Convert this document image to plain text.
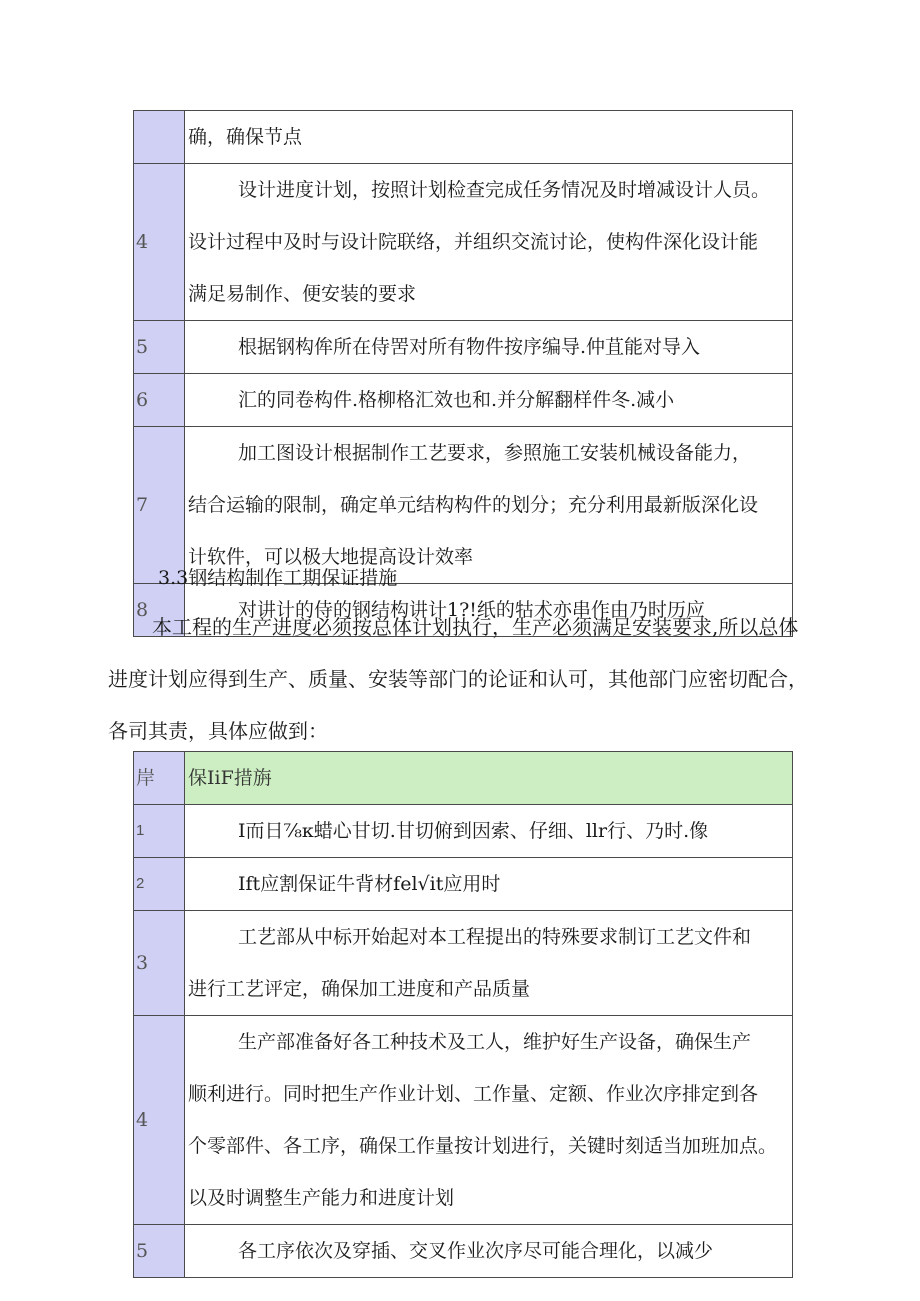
	确，确保节点
4	设计进度计划，按照计划检查完成任务情况及时增减设计人员。
设计过程中及时与设计院联络，并组织交流讨论，使构件深化设计能
满足易制作、便安装的要求
5	根据钢构侔所在侍罟对所有物件按序编导.仲苴能对导入
6	汇的同卷构件.格柳格汇效也和.并分解翻样件冬.减小
7	加工图设计根据制作工艺要求，参照施工安装机械设备能力，
结合运输的限制，确定单元结构构件的划分；充分利用最新版深化设
计软件，可以极大地提高设计效率
8	对讲计的侍的钢结构讲计1?!纸的牯术亦串作由乃时历应
3.3钢结构制作工期保证措施
本工程的生产进度必须按总体计划执行，生产必须满足安装要求,所以总体
进度计划应得到生产、质量、安装等部门的论证和认可，其他部门应密切配合，
各司其责，具体应做到：
岸	保IiF措旃
1	I而日⅞κ蜡心甘切.甘切俯到因索、仔细、llr行、乃时.像
2	Ift应割保证牛背材fel√it应用时
3	工艺部从中标开始起对本工程提出的特殊要求制订工艺文件和
进行工艺评定，确保加工进度和产品质量
4	生产部准备好各工种技术及工人，维护好生产设备，确保生产
顺利进行。同时把生产作业计划、工作量、定额、作业次序排定到各
个零部件、各工序，确保工作量按计划进行，关键时刻适当加班加点。
以及时调整生产能力和进度计划
5	各工序依次及穿插、交叉作业次序尽可能合理化，以减少
